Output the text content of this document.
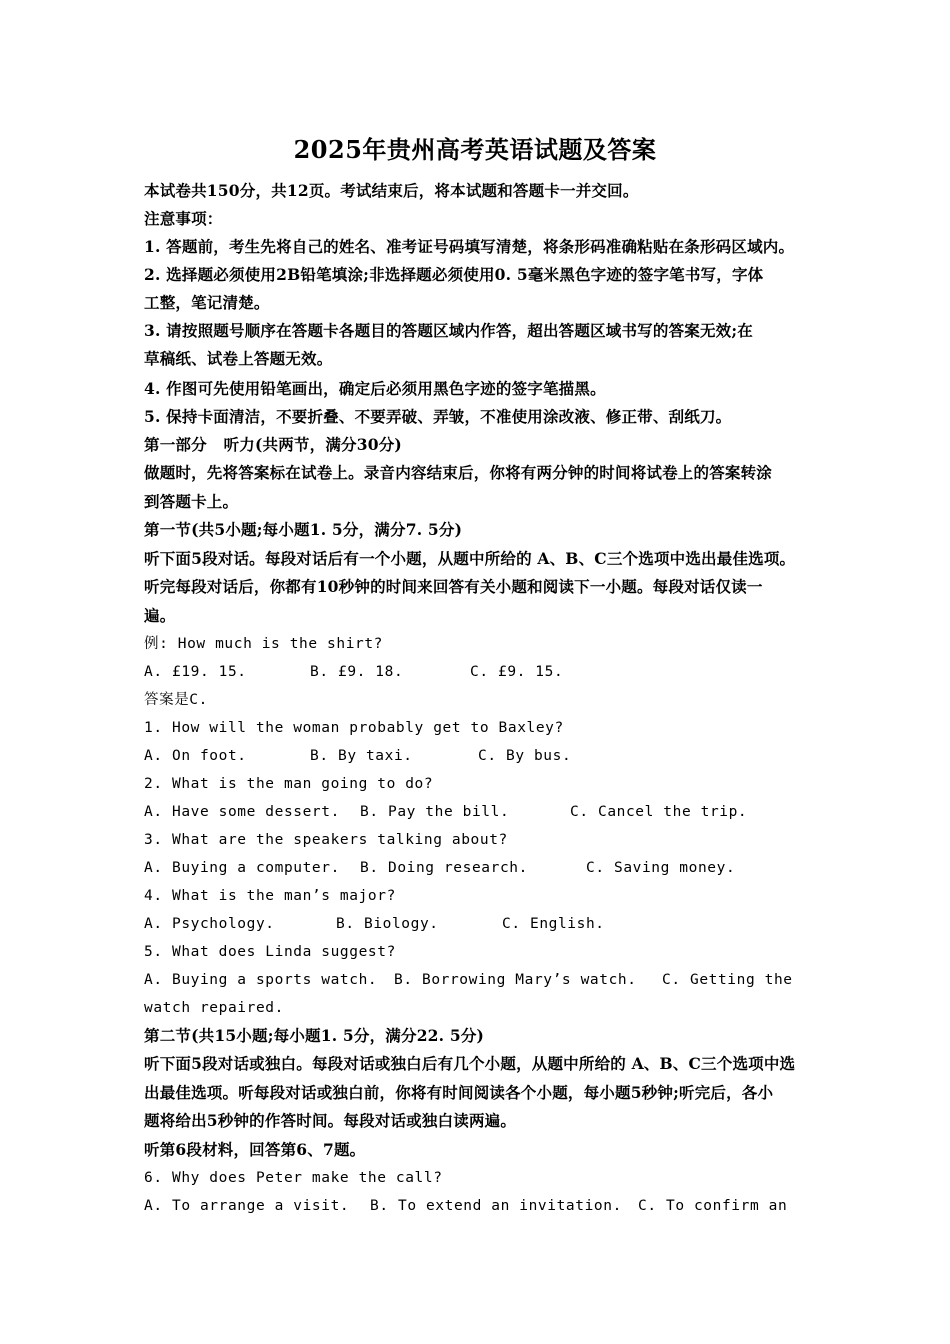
2025年贵州高考英语试题及答案
本试卷共150分，共12页。考试结束后，将本试题和答题卡一并交回。
注意事项：
1. 答题前，考生先将自己的姓名、准考证号码填写清楚，将条形码准确粘贴在条形码区域内。
2. 选择题必须使用2B铅笔填涂;非选择题必须使用0. 5毫米黑色字迹的签字笔书写，字体
工整，笔记清楚。
3. 请按照题号顺序在答题卡各题目的答题区域内作答，超出答题区域书写的答案无效;在
草稿纸、试卷上答题无效。
4. 作图可先使用铅笔画出，确定后必须用黑色字迹的签字笔描黑。
5. 保持卡面清洁，不要折叠、不要弄破、弄皱，不准使用涂改液、修正带、刮纸刀。
第一部分   听力(共两节，满分30分)
做题时，先将答案标在试卷上。录音内容结束后，你将有两分钟的时间将试卷上的答案转涂
到答题卡上。
第一节(共5小题;每小题1. 5分，满分7. 5分)
听下面5段对话。每段对话后有一个小题，从题中所给的 A、B、C三个选项中选出最佳选项。
听完每段对话后，你都有10秒钟的时间来回答有关小题和阅读下一小题。每段对话仅读一
遍。
例: How much is the shirt?
A. £19. 15.	B. £9. 18.	C. £9. 15.
答案是C.
1. How will the woman probably get to Baxley?
A. On foot.	B. By taxi.	C. By bus.
2. What is the man going to do?
A. Have some dessert. B. Pay the bill.	C. Cancel the trip.
3. What are the speakers talking about?
A. Buying a computer. B. Doing research.	C. Saving money.
4. What is the man’s major?
A. Psychology.	B. Biology.	C. English.
5. What does Linda suggest?
A. Buying a sports watch. B. Borrowing Mary’s watch. C. Getting the
watch repaired.
第二节(共15小题;每小题1. 5分，满分22. 5分)
听下面5段对话或独白。每段对话或独白后有几个小题，从题中所给的 A、B、C三个选项中选
出最佳选项。听每段对话或独白前，你将有时间阅读各个小题，每小题5秒钟;听完后，各小
题将给出5秒钟的作答时间。每段对话或独白读两遍。
听第6段材料，回答第6、7题。
6. Why does Peter make the call?
A. To arrange a visit. B. To extend an invitation. C. To confirm an
